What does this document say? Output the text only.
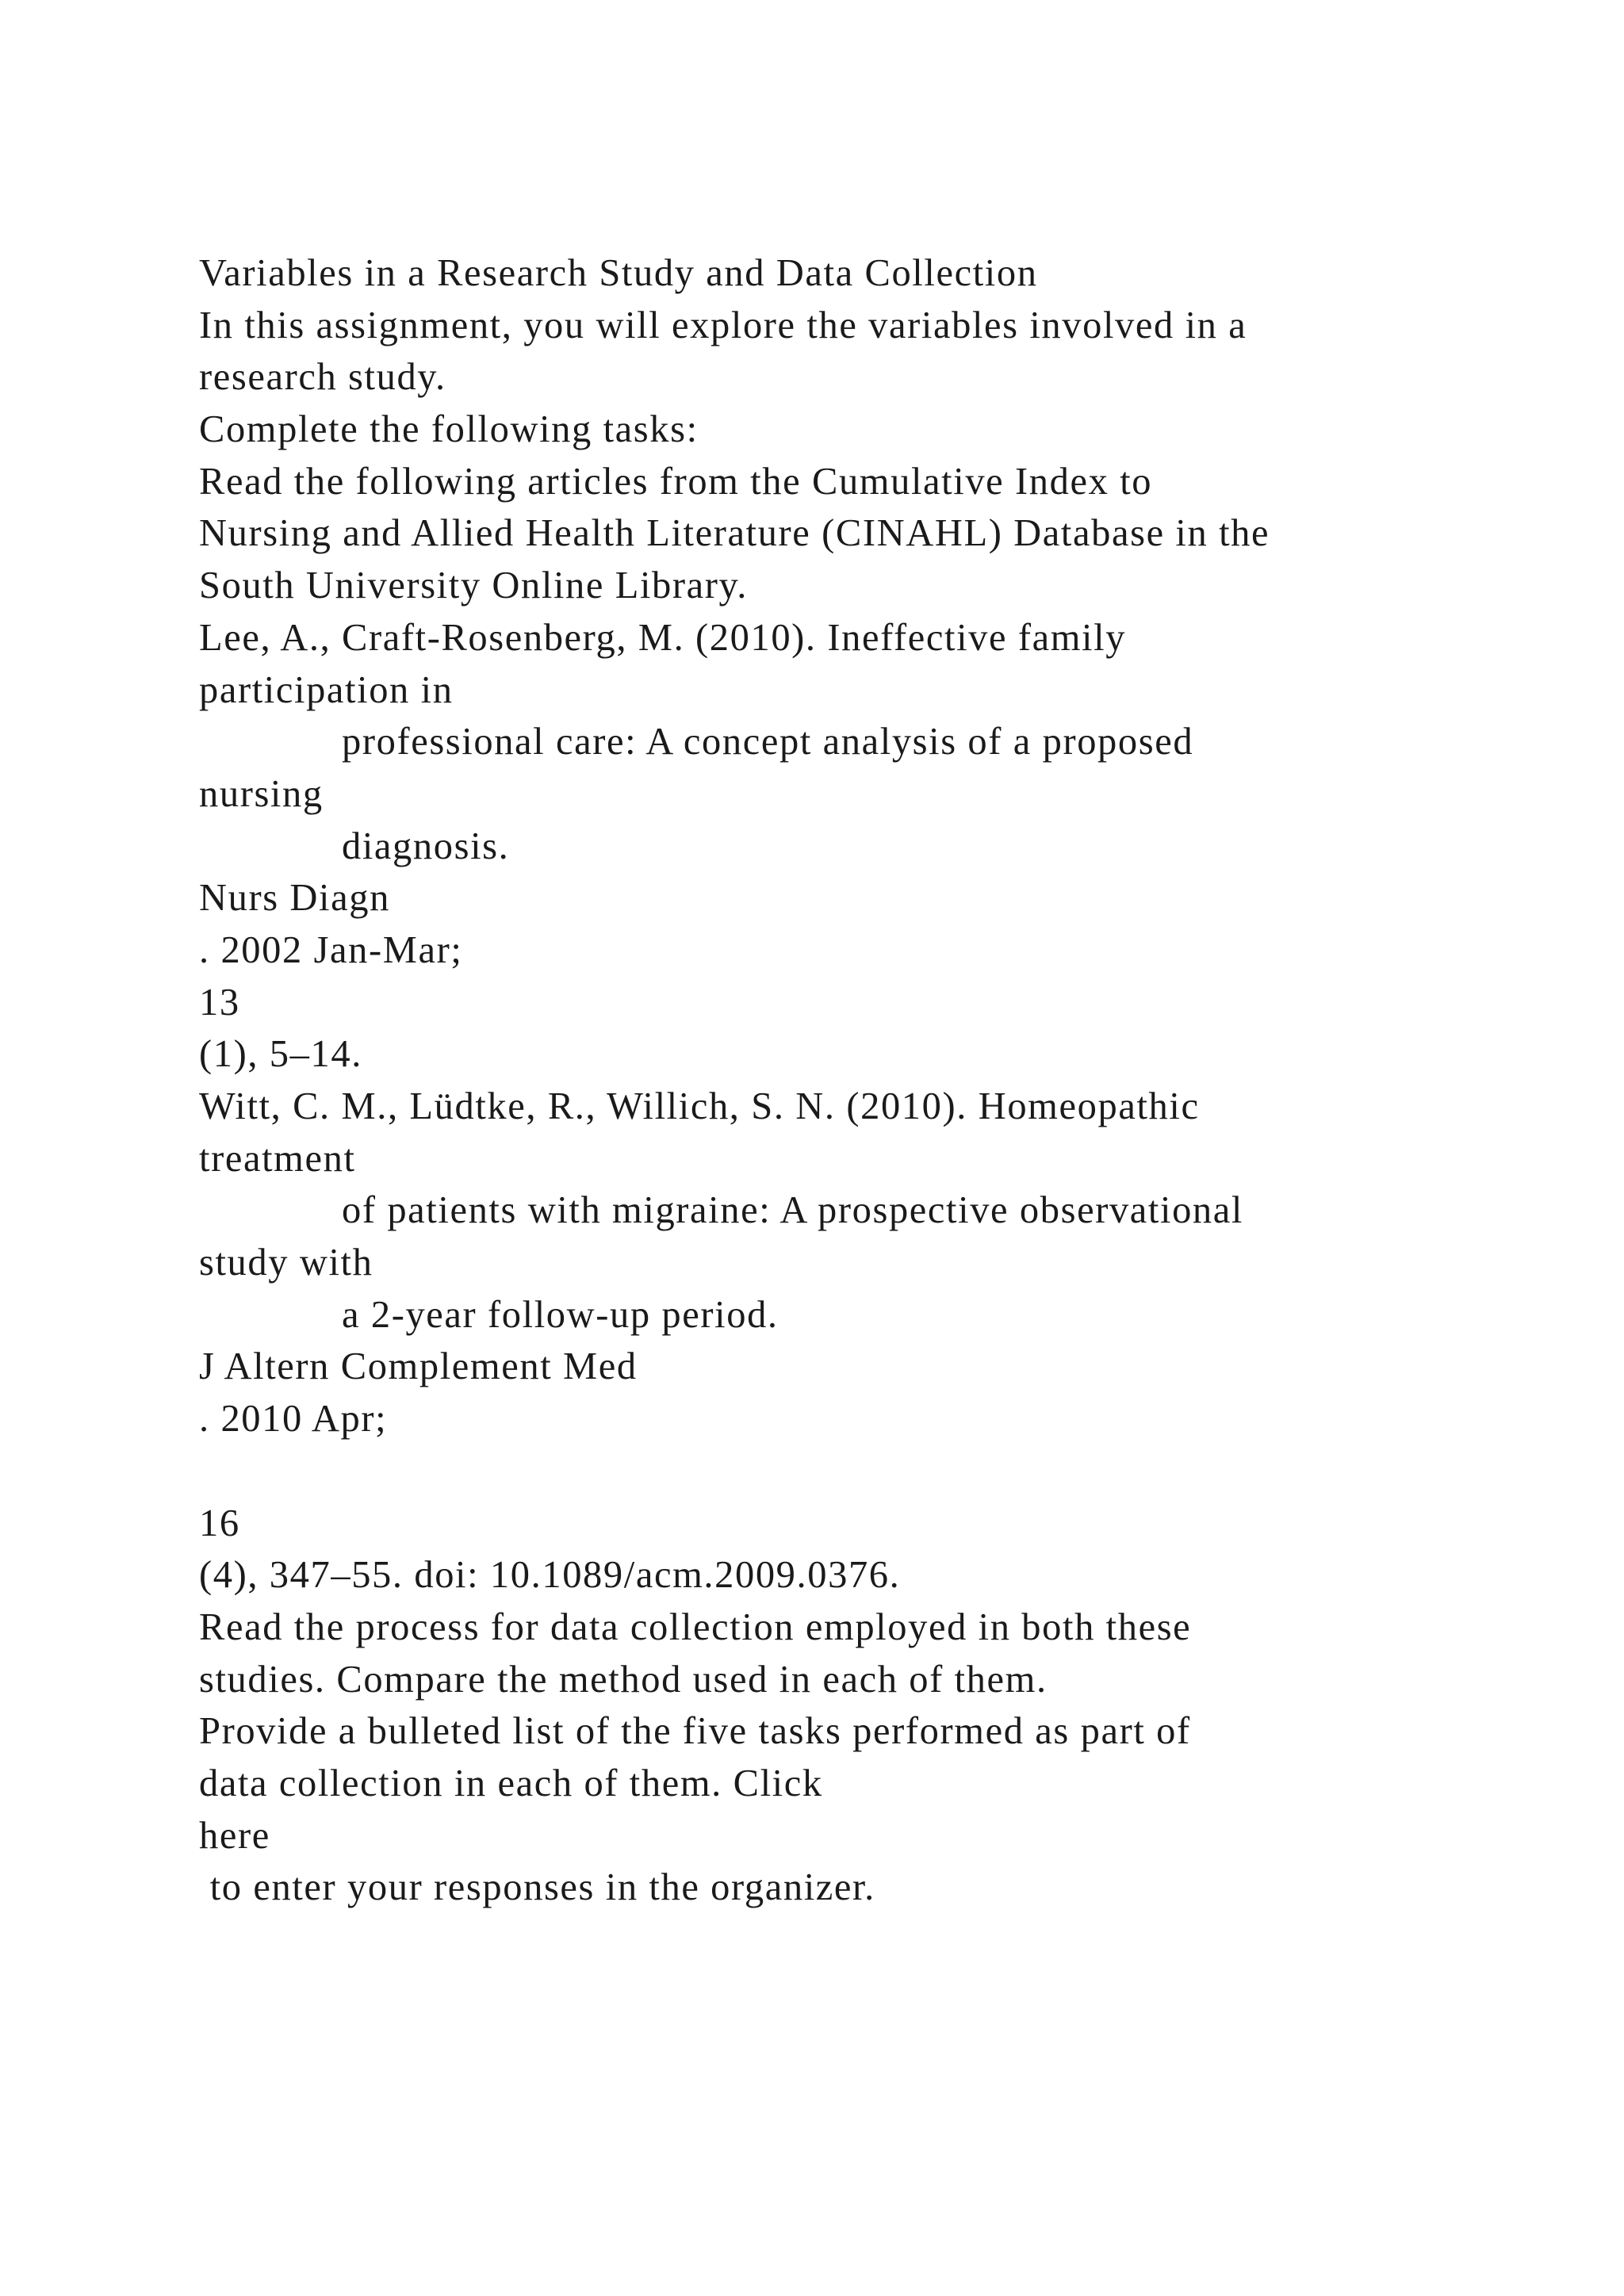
Variables in a Research Study and Data Collection
In this assignment, you will explore the variables involved in a
research study.
Complete the following tasks:
Read the following articles from the Cumulative Index to
Nursing and Allied Health Literature (CINAHL) Database in the
South University Online Library.
Lee, A., Craft-Rosenberg, M. (2010). Ineffective family
participation in
professional care: A concept analysis of a proposed
nursing
diagnosis.
Nurs Diagn
. 2002 Jan-Mar;
13
(1), 5–14.
Witt, C. M., Lüdtke, R., Willich, S. N. (2010). Homeopathic
treatment
of patients with migraine: A prospective observational
study with
a 2-year follow-up period.
J Altern Complement Med
. 2010 Apr;
16
(4), 347–55. doi: 10.1089/acm.2009.0376.
Read the process for data collection employed in both these
studies. Compare the method used in each of them.
Provide a bulleted list of the five tasks performed as part of
data collection in each of them. Click
here
to enter your responses in the organizer.
